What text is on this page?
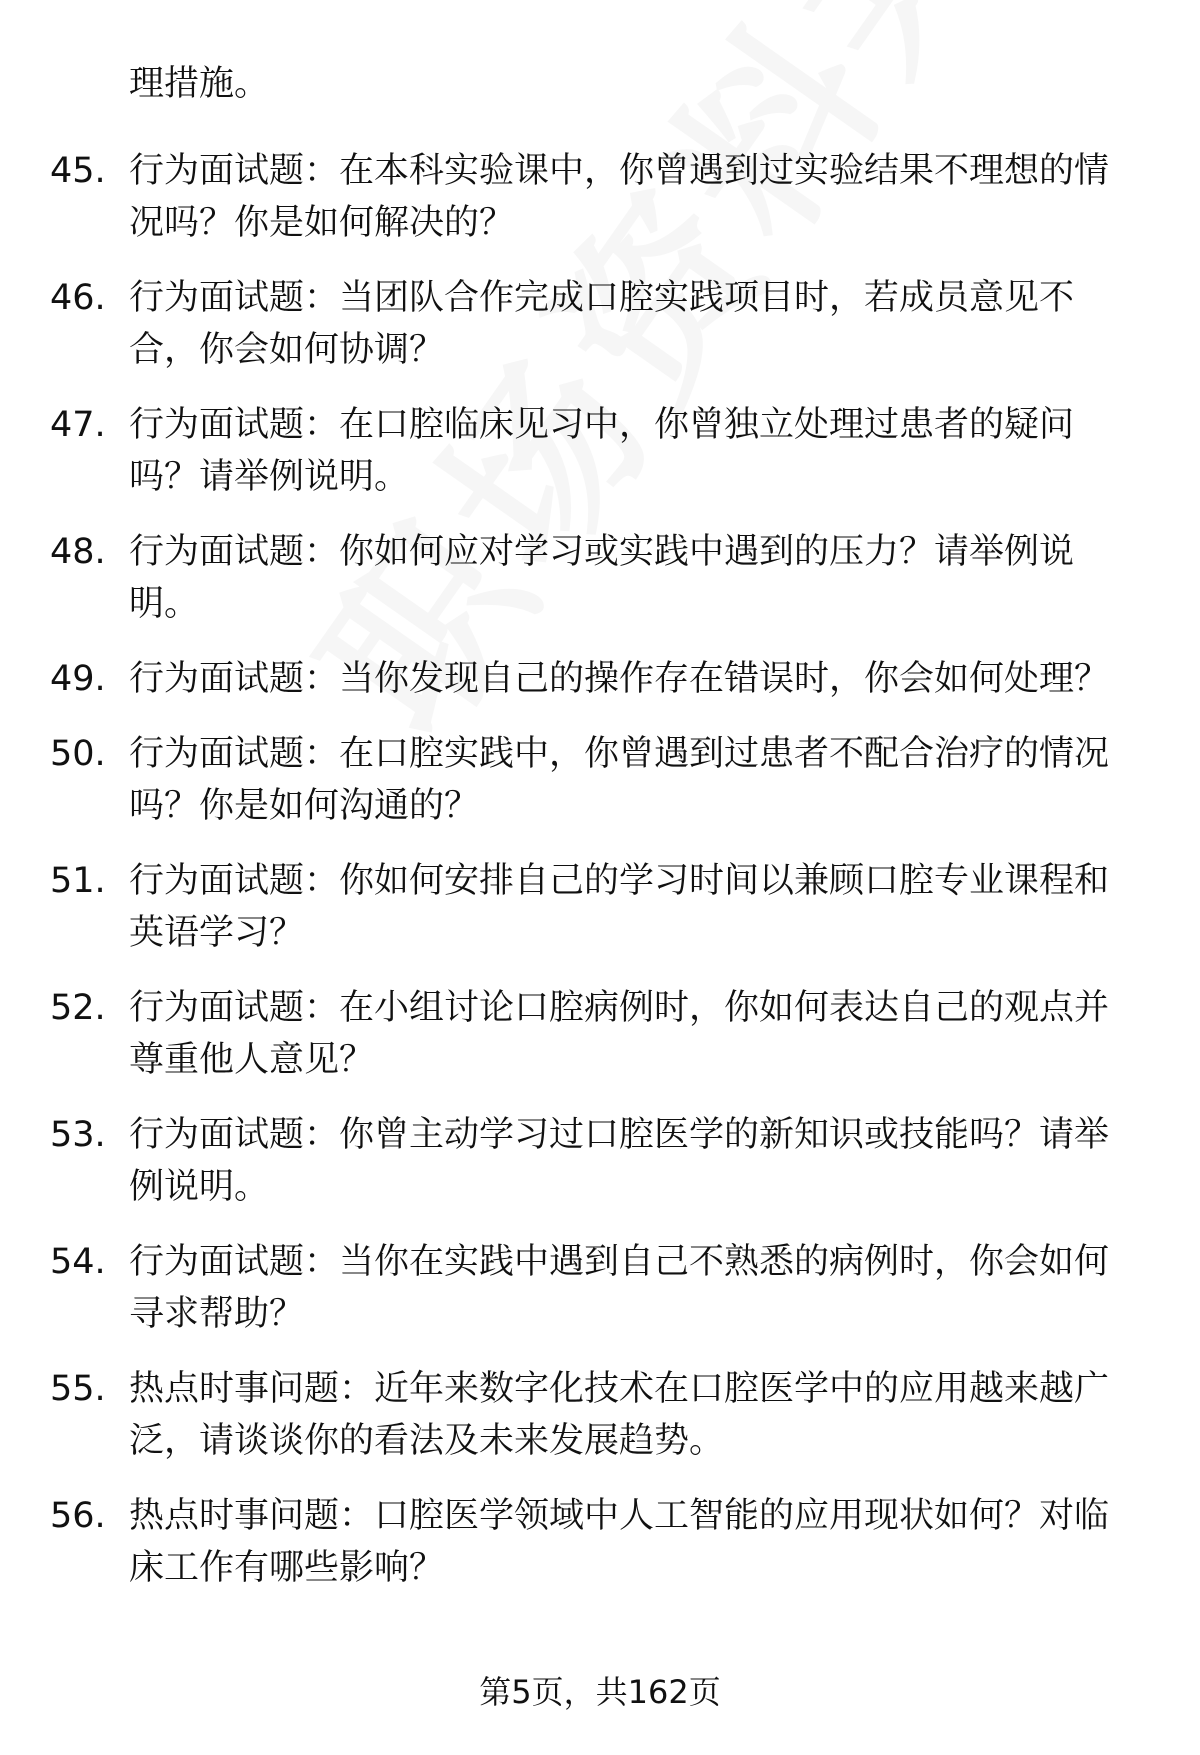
理措施。

45. 行为面试题：在本科实验课中，你曾遇到过实验结果不理想的情况吗？你是如何解决的？
46. 行为面试题：当团队合作完成口腔实践项目时，若成员意见不合，你会如何协调？
47. 行为面试题：在口腔临床见习中，你曾独立处理过患者的疑问吗？请举例说明。
48. 行为面试题：你如何应对学习或实践中遇到的压力？请举例说明。
49. 行为面试题：当你发现自己的操作存在错误时，你会如何处理？
50. 行为面试题：在口腔实践中，你曾遇到过患者不配合治疗的情况吗？你是如何沟通的？
51. 行为面试题：你如何安排自己的学习时间以兼顾口腔专业课程和英语学习？
52. 行为面试题：在小组讨论口腔病例时，你如何表达自己的观点并尊重他人意见？
53. 行为面试题：你曾主动学习过口腔医学的新知识或技能吗？请举例说明。
54. 行为面试题：当你在实践中遇到自己不熟悉的病例时，你会如何寻求帮助？
55. 热点时事问题：近年来数字化技术在口腔医学中的应用越来越广泛，请谈谈你的看法及未来发展趋势。
56. 热点时事问题：口腔医学领域中人工智能的应用现状如何？对临床工作有哪些影响？
第5页，共162页
